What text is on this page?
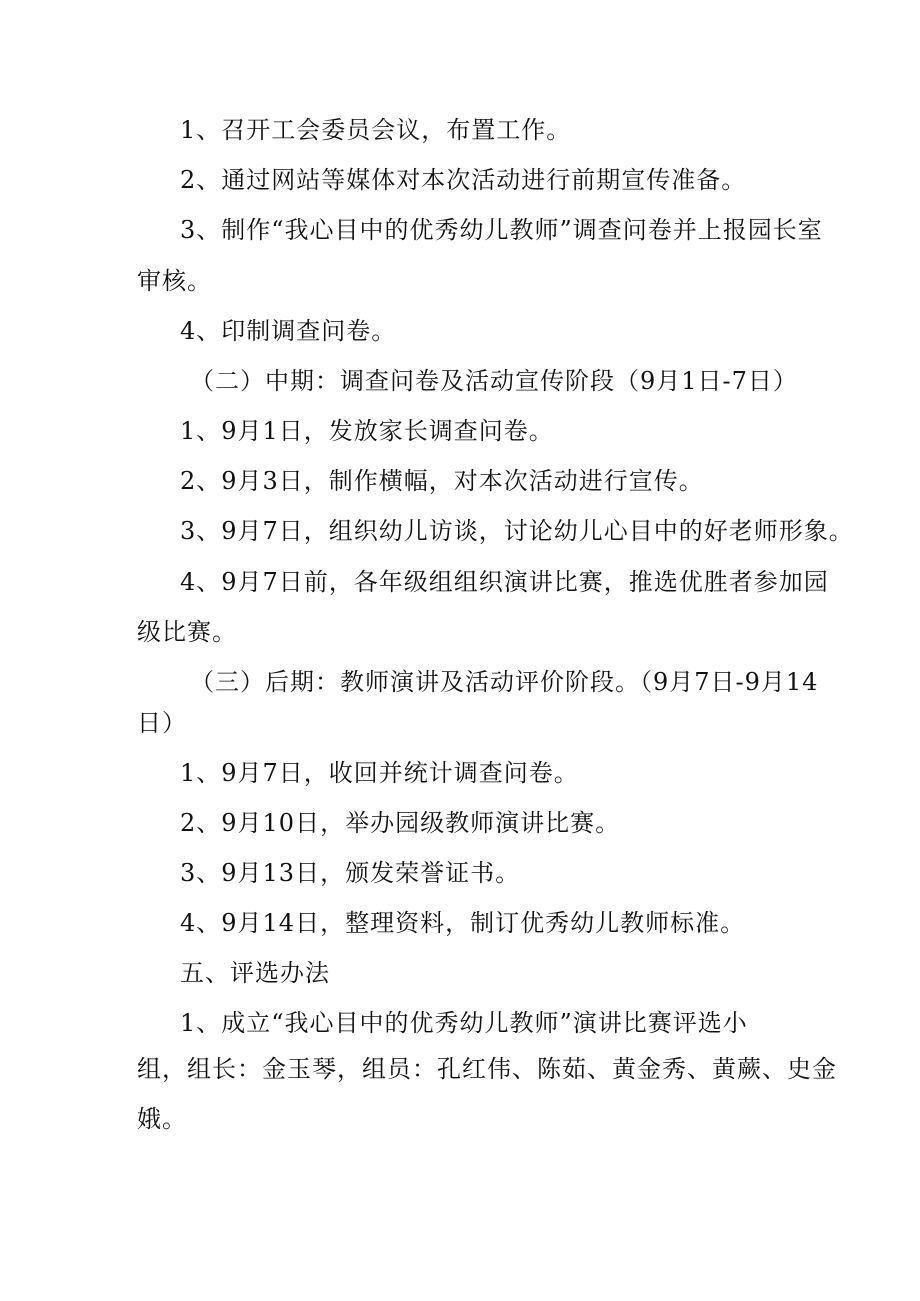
1、召开工会委员会议，布置工作。
2、通过网站等媒体对本次活动进行前期宣传准备。
3、制作“我心目中的优秀幼儿教师”调查问卷并上报园长室
审核。
4、印制调查问卷。
（二）中期：调查问卷及活动宣传阶段（9月1日-7日）
1、9月1日，发放家长调查问卷。
2、9月3日，制作横幅，对本次活动进行宣传。
3、9月7日，组织幼儿访谈，讨论幼儿心目中的好老师形象。
4、9月7日前，各年级组组织演讲比赛，推选优胜者参加园
级比赛。
（三）后期：教师演讲及活动评价阶段。（9月7日-9月14
日）
1、9月7日，收回并统计调查问卷。
2、9月10日，举办园级教师演讲比赛。
3、9月13日，颁发荣誉证书。
4、9月14日，整理资料，制订优秀幼儿教师标准。
五、评选办法
1、成立“我心目中的优秀幼儿教师”演讲比赛评选小
组，组长：金玉琴，组员：孔红伟、陈茹、黄金秀、黄蕨、史金
娥。
